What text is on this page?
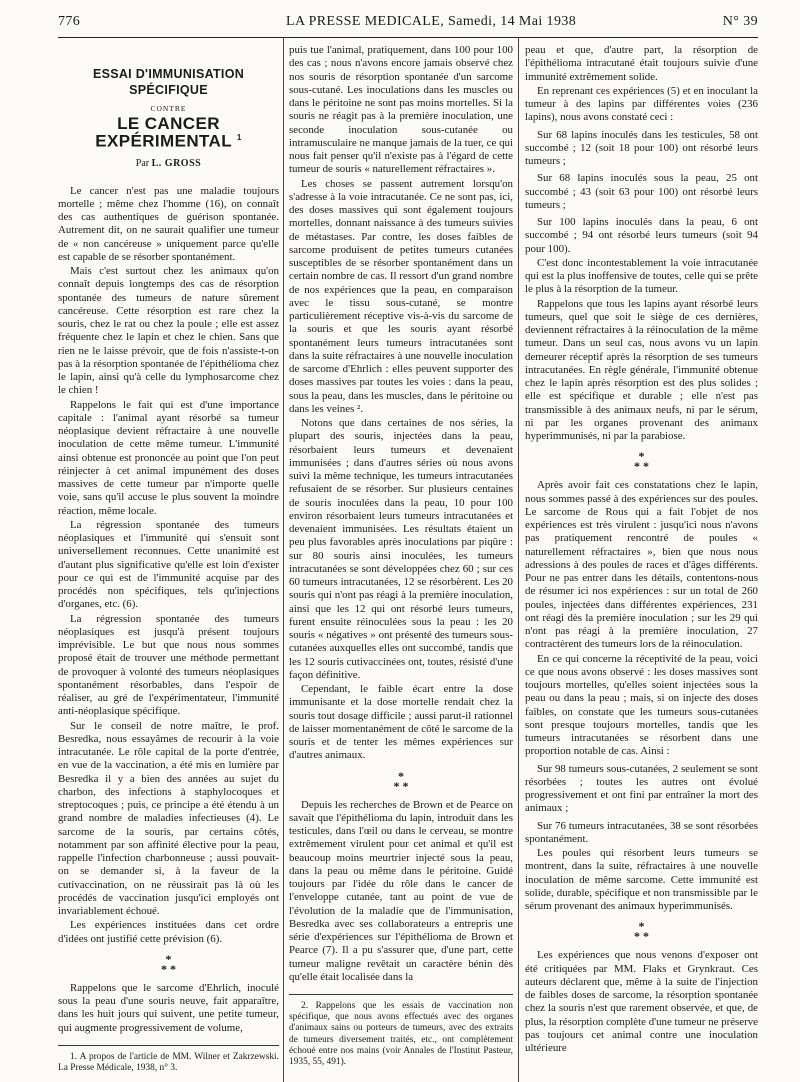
776	LA PRESSE MEDICALE, Samedi, 14 Mai 1938	N° 39
ESSAI D'IMMUNISATION
SPÉCIFIQUE
CONTRE
LE CANCER EXPÉRIMENTAL $^1$
Par L. GROSS

Le cancer n'est pas une maladie toujours mortelle ; même chez l'homme (16), on connaît des cas authentiques de guérison spontanée. Autrement dit, on ne saurait qualifier une tumeur de « non cancéreuse » uniquement parce qu'elle est capable de se résorber spontanément.

Mais c'est surtout chez les animaux qu'on connaît depuis longtemps des cas de résorption spontanée des tumeurs de nature sûrement cancéreuse. Cette résorption est rare chez la souris, chez le rat ou chez la poule ; elle est assez fréquente chez le lapin et chez le chien. Sans que rien ne le laisse prévoir, que de fois n'assiste-t-on pas à la résorption spontanée de l'épithélioma chez le lapin, ainsi qu'à celle du lymphosarcome chez le chien !

Rappelons le fait qui est d'une importance capitale : l'animal ayant résorbé sa tumeur néoplasique devient réfractaire à une nouvelle inoculation de cette même tumeur. L'immunité ainsi obtenue est prononcée au point que l'on peut réinjecter à cet animal impunément des doses massives de cette tumeur par n'importe quelle voie, sans qu'il accuse le plus souvent la moindre réaction, même locale.

La régression spontanée des tumeurs néoplasiques et l'immunité qui s'ensuit sont universellement reconnues. Cette unanimité est d'autant plus significative qu'elle est loin d'exister pour ce qui est de l'immunité acquise par des procédés non spécifiques, tels qu'injections d'organes, etc. (6).

La régression spontanée des tumeurs néoplasiques est jusqu'à présent toujours imprévisible. Le but que nous nous sommes proposé était de trouver une méthode permettant de provoquer à volonté des tumeurs néoplasiques spontanément résorbables, dans l'espoir de réaliser, au gré de l'expérimentateur, l'immunité anti-néoplasique spécifique.

Sur le conseil de notre maître, le prof. Besredka, nous essayâmes de recourir à la voie intracutanée. Le rôle capital de la porte d'entrée, en vue de la vaccination, a été mis en lumière par Besredka il y a bien des années au sujet du charbon, des infections à staphylocoques et streptocoques ; puis, ce principe a été étendu à un grand nombre de maladies infectieuses (4). Le sarcome de la souris, par certains côtés, notamment par son affinité élective pour la peau, rappelle l'infection charbonneuse ; aussi pouvait-on se demander si, à la faveur de la cutivaccination, on ne réussirait pas là où les procédés de vaccination jusqu'ici employés ont invariablement échoué.

Les expériences instituées dans cet ordre d'idées ont justifié cette prévision (6).

*
* *

Rappelons que le sarcome d'Ehrlich, inoculé sous la peau d'une souris neuve, fait apparaître, dans les huit jours qui suivent, une petite tumeur, qui augmente progressivement de volume,

1. A propos de l'article de MM. Wilner et Zakrzewski. La Presse Médicale, 1938, n° 3.

puis tue l'animal, pratiquement, dans 100 pour 100 des cas ; nous n'avons encore jamais observé chez nos souris de résorption spontanée d'un sarcome sous-cutané. Les inoculations dans les muscles ou dans le péritoine ne sont pas moins mortelles. Si la souris ne réagit pas à la première inoculation, une seconde inoculation sous-cutanée ou intramusculaire ne manque jamais de la tuer, ce qui nous fait penser qu'il n'existe pas à l'égard de cette tumeur de souris « naturellement réfractaires ».

Les choses se passent autrement lorsqu'on s'adresse à la voie intracutanée. Ce ne sont pas, ici, des doses massives qui sont également toujours mortelles, donnant naissance à des tumeurs suivies de métastases. Par contre, les doses faibles de sarcome produisent de petites tumeurs cutanées susceptibles de se résorber spontanément dans un certain nombre de cas. Il ressort d'un grand nombre de nos expériences que la peau, en comparaison avec le tissu sous-cutané, se montre particulièrement réceptive vis-à-vis du sarcome de la souris et que les souris ayant résorbé spontanément leurs tumeurs intracutanées sont dans la suite réfractaires à une nouvelle inoculation de sarcome d'Ehrlich : elles peuvent supporter des doses massives par toutes les voies : dans la peau, sous la peau, dans les muscles, dans le péritoine ou dans les veines ².

Notons que dans certaines de nos séries, la plupart des souris, injectées dans la peau, résorbaient leurs tumeurs et devenaient immunisées ; dans d'autres séries où nous avons suivi la même technique, les tumeurs intracutanées refusaient de se résorber. Sur plusieurs centaines de souris inoculées dans la peau, 10 pour 100 environ résorbaient leurs tumeurs intracutanées et devenaient immunisées. Les résultats étaient un peu plus favorables après inoculations par piqûre : sur 80 souris ainsi inoculées, les tumeurs intracutanées se sont développées chez 60 ; sur ces 60 tumeurs intracutanées, 12 se résorbèrent. Les 20 souris qui n'ont pas réagi à la première inoculation, ainsi que les 12 qui ont résorbé leurs tumeurs, furent ensuite réinoculées sous la peau : les 20 souris « négatives » ont présenté des tumeurs sous-cutanées auxquelles elles ont succombé, tandis que les 12 souris cutivaccinées ont, toutes, résisté d'une façon définitive.

Cependant, le faible écart entre la dose immunisante et la dose mortelle rendait chez la souris tout dosage difficile ; aussi parut-il rationnel de laisser momentanément de côté le sarcome de la souris et de tenter les mêmes expériences sur d'autres animaux.

*
* *

Depuis les recherches de Brown et de Pearce on savait que l'épithélioma du lapin, introduit dans les testicules, dans l'œil ou dans le cerveau, se montre extrêmement virulent pour cet animal et qu'il est beaucoup moins meurtrier injecté sous la peau, dans la peau ou même dans le péritoine. Guidé toujours par l'idée du rôle dans le cancer de l'enveloppe cutanée, tant au point de vue de l'évolution de la maladie que de l'immunisation, Besredka avec ses collaborateurs a entrepris une série d'expériences sur l'épithélioma de Brown et Pearce (7). Il a pu s'assurer que, d'une part, cette tumeur maligne revêtait un caractère bénin dès qu'elle était localisée dans la

2. Rappelons que les essais de vaccination non spécifique, que nous avons effectués avec des organes d'animaux sains ou porteurs de tumeurs, avec des extraits de tumeurs diversement traités, etc., ont complètement échoué entre nos mains (voir Annales de l'Institut Pasteur, 1935, 55, 491).

peau et que, d'autre part, la résorption de l'épithélioma intracutané était toujours suivie d'une immunité extrêmement solide.

En reprenant ces expériences (5) et en inoculant la tumeur à des lapins par différentes voies (236 lapins), nous avons constaté ceci :

Sur 68 lapins inoculés dans les testicules, 58 ont succombé ; 12 (soit 18 pour 100) ont résorbé leurs tumeurs ;

Sur 68 lapins inoculés sous la peau, 25 ont succombé ; 43 (soit 63 pour 100) ont résorbé leurs tumeurs ;

Sur 100 lapins inoculés dans la peau, 6 ont succombé ; 94 ont résorbé leurs tumeurs (soit 94 pour 100).

C'est donc incontestablement la voie intracutanée qui est la plus inoffensive de toutes, celle qui se prête le plus à la résorption de la tumeur.

Rappelons que tous les lapins ayant résorbé leurs tumeurs, quel que soit le siège de ces dernières, deviennent réfractaires à la réinoculation de la même tumeur. Dans un seul cas, nous avons vu un lapin demeurer réceptif après la résorption de ses tumeurs intracutanées. En règle générale, l'immunité obtenue chez le lapin après résorption est des plus solides ; elle est spécifique et durable ; elle n'est pas transmissible à des animaux neufs, ni par le sérum, ni par les organes provenant des animaux hyperimmunisés, ni par la parabiose.

*
* *

Après avoir fait ces constatations chez le lapin, nous sommes passé à des expériences sur des poules. Le sarcome de Rous qui a fait l'objet de nos expériences est très virulent : jusqu'ici nous n'avons pas pratiquement rencontré de poules « naturellement réfractaires », bien que nous nous adressions à des poules de races et d'âges différents. Pour ne pas entrer dans les détails, contentons-nous de résumer ici nos expériences : sur un total de 260 poules, injectées dans différentes expériences, 231 ont réagi dès la première inoculation ; sur les 29 qui n'ont pas réagi à la première inoculation, 27 contractèrent des tumeurs lors de la réinoculation.

En ce qui concerne la réceptivité de la peau, voici ce que nous avons observé : les doses massives sont toujours mortelles, qu'elles soient injectées sous la peau ou dans la peau ; mais, si on injecte des doses faibles, on constate que les tumeurs sous-cutanées sont presque toujours mortelles, tandis que les tumeurs intracutanées se résorbent dans une proportion notable de cas. Ainsi :

Sur 98 tumeurs sous-cutanées, 2 seulement se sont résorbées ; toutes les autres ont évolué progressivement et ont fini par entraîner la mort des animaux ;

Sur 76 tumeurs intracutanées, 38 se sont résorbées spontanément.

Les poules qui résorbent leurs tumeurs se montrent, dans la suite, réfractaires à une nouvelle inoculation de même sarcome. Cette immunité est solide, durable, spécifique et non transmissible par le sérum provenant des animaux hyperimmunisés.

*
* *

Les expériences que nous venons d'exposer ont été critiquées par MM. Flaks et Grynkraut. Ces auteurs déclarent que, même à la suite de l'injection de faibles doses de sarcome, la résorption spontanée chez la souris n'est que rarement observée, et que, de plus, la résorption complète d'une tumeur ne préserve pas toujours cet animal contre une inoculation ultérieure
